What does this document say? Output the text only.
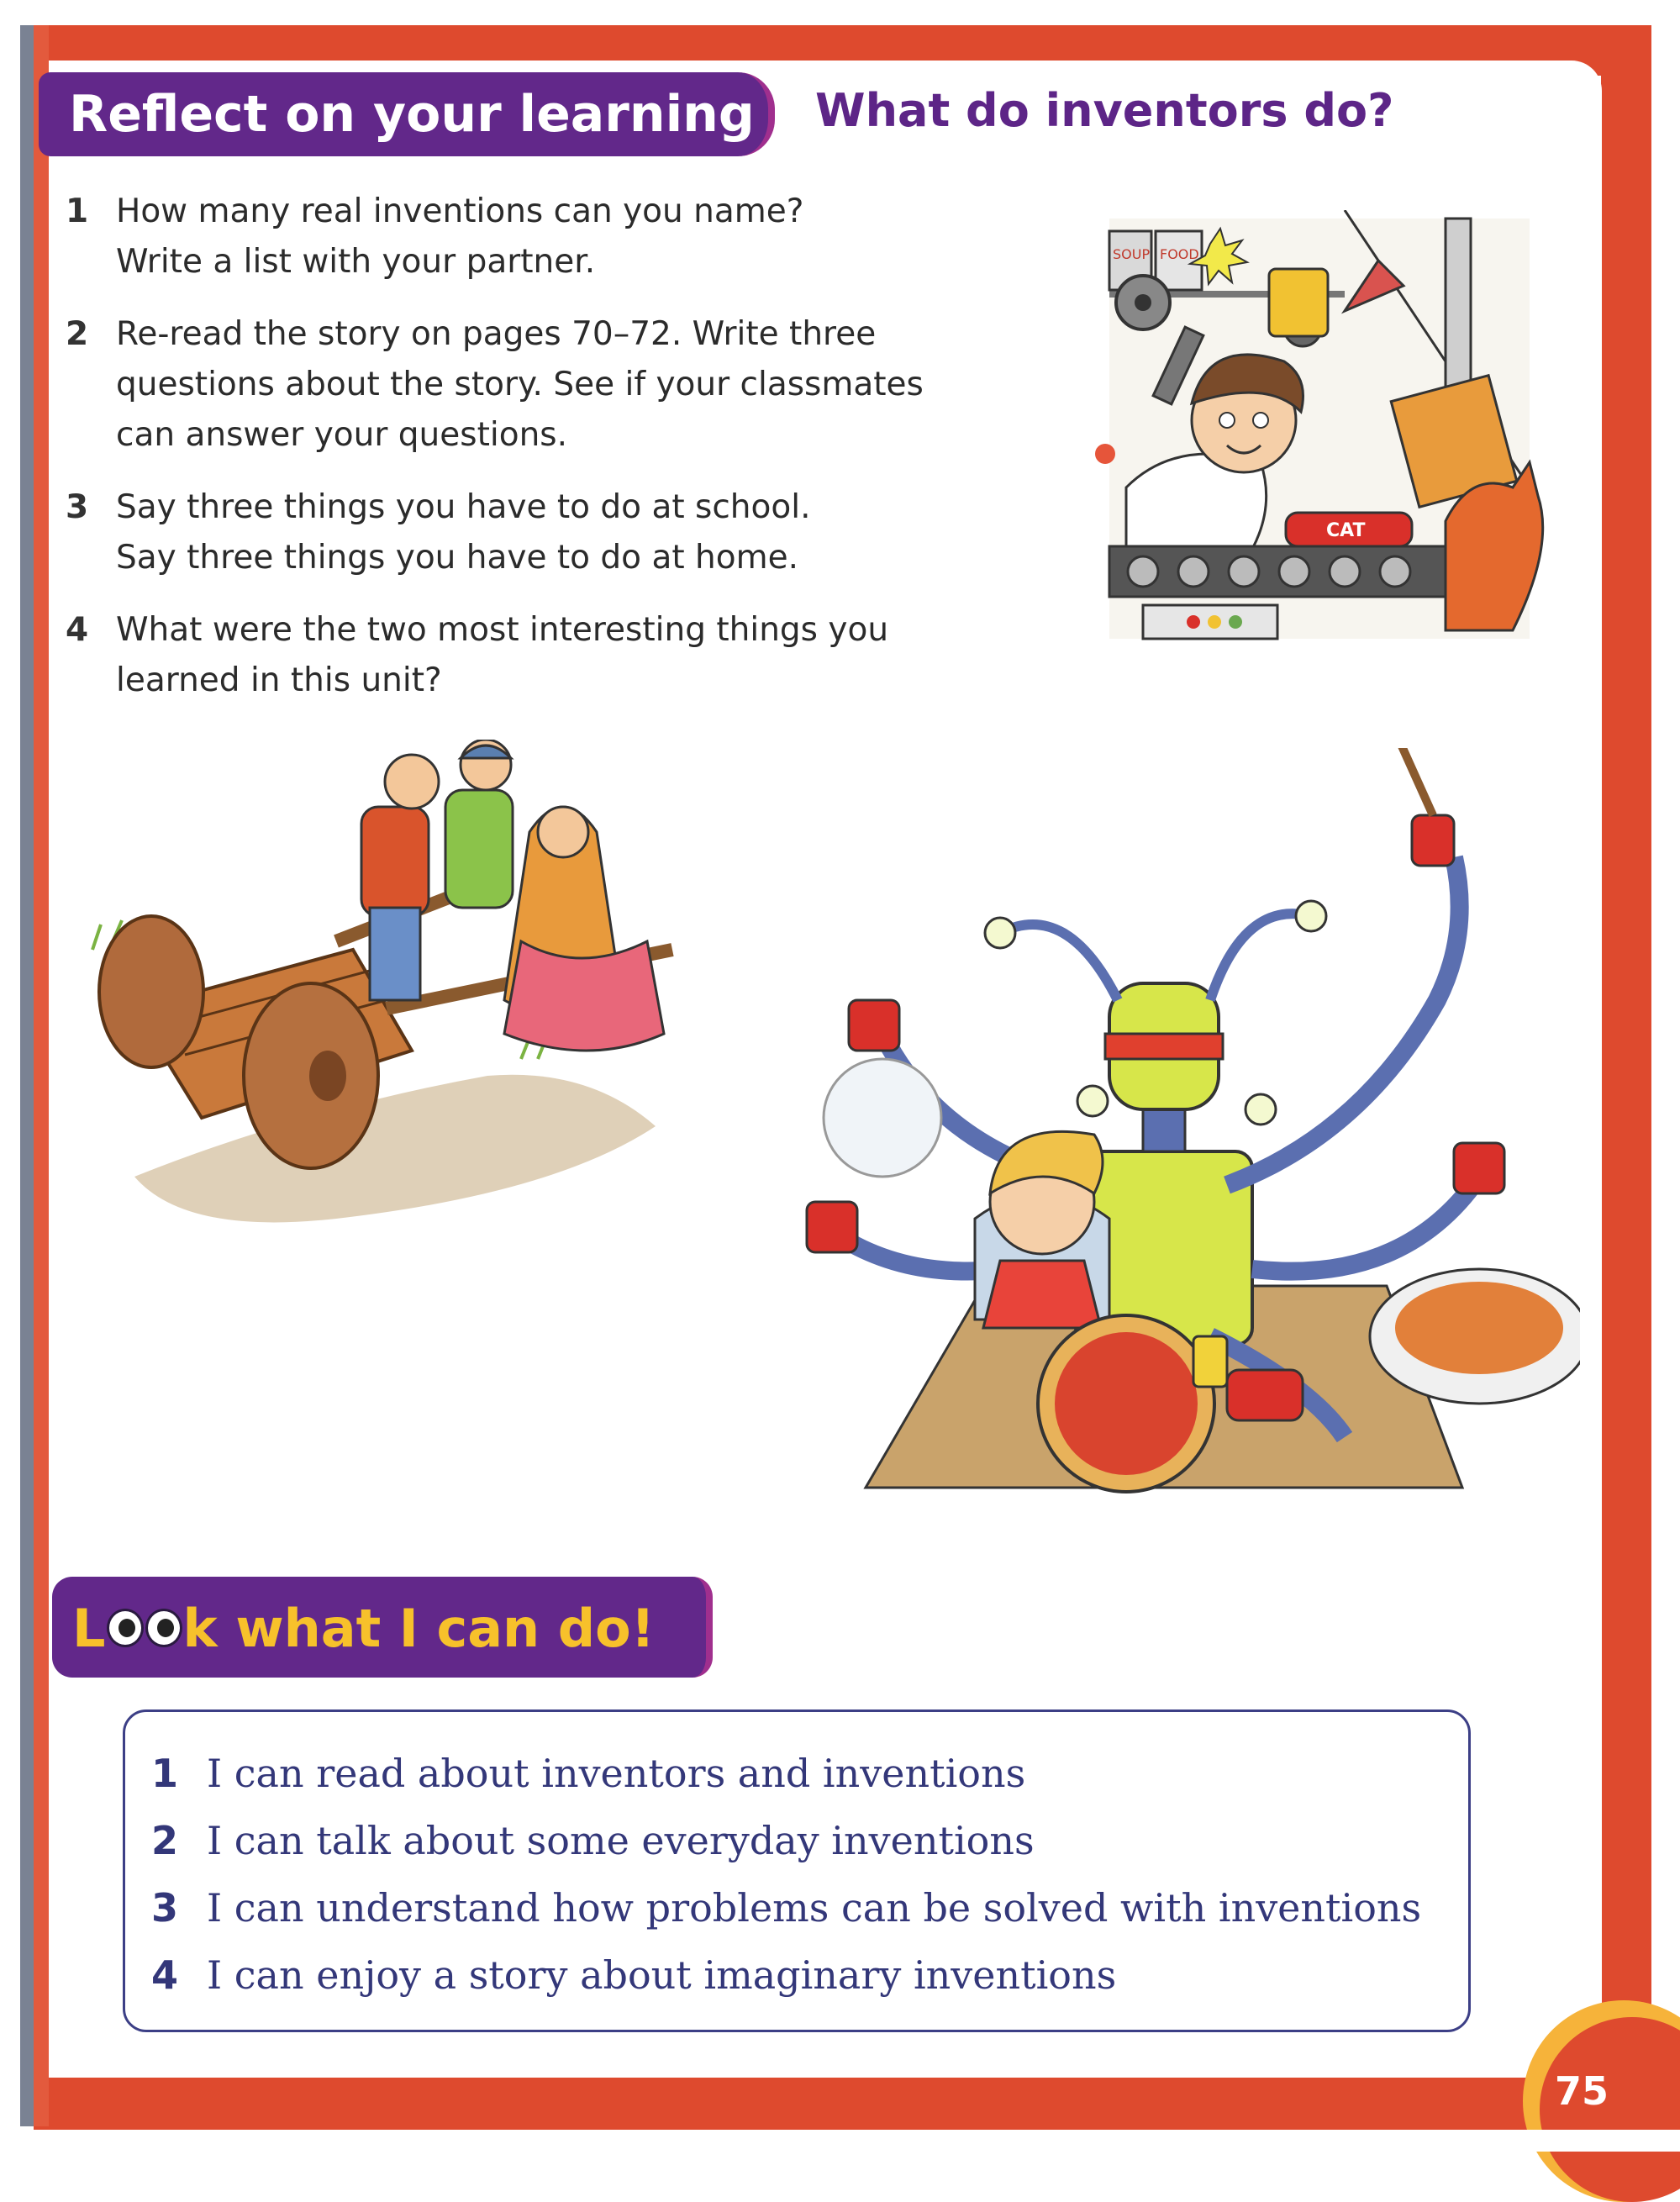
Reflect on your learning What do inventors do?
1 How many real inventions can you name?
Write a list with your partner.
2 Re-read the story on pages 70–72. Write three
questions about the story. See if your classmates
can answer your questions.
3 Say three things you have to do at school.
Say three things you have to do at home.
4 What were the two most interesting things you
learned in this unit?
SOUP FOOD
CAT
L k what I can do!
1 I can read about inventors and inventions
2 I can talk about some everyday inventions
3 I can understand how problems can be solved with inventions
4 I can enjoy a story about imaginary inventions
75
